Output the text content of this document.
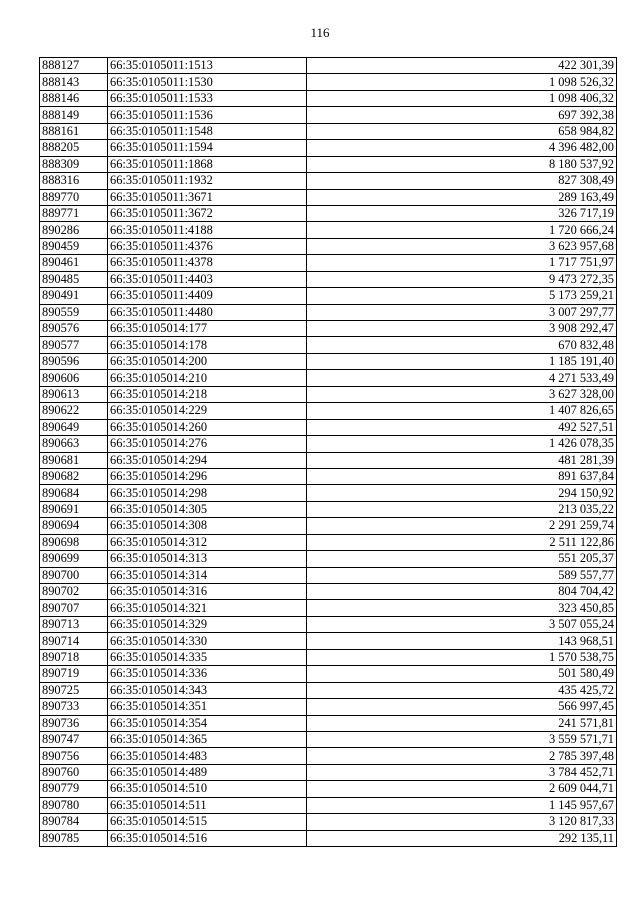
116
888127	66:35:0105011:1513	422 301,39
888143	66:35:0105011:1530	1 098 526,32
888146	66:35:0105011:1533	1 098 406,32
888149	66:35:0105011:1536	697 392,38
888161	66:35:0105011:1548	658 984,82
888205	66:35:0105011:1594	4 396 482,00
888309	66:35:0105011:1868	8 180 537,92
888316	66:35:0105011:1932	827 308,49
889770	66:35:0105011:3671	289 163,49
889771	66:35:0105011:3672	326 717,19
890286	66:35:0105011:4188	1 720 666,24
890459	66:35:0105011:4376	3 623 957,68
890461	66:35:0105011:4378	1 717 751,97
890485	66:35:0105011:4403	9 473 272,35
890491	66:35:0105011:4409	5 173 259,21
890559	66:35:0105011:4480	3 007 297,77
890576	66:35:0105014:177	3 908 292,47
890577	66:35:0105014:178	670 832,48
890596	66:35:0105014:200	1 185 191,40
890606	66:35:0105014:210	4 271 533,49
890613	66:35:0105014:218	3 627 328,00
890622	66:35:0105014:229	1 407 826,65
890649	66:35:0105014:260	492 527,51
890663	66:35:0105014:276	1 426 078,35
890681	66:35:0105014:294	481 281,39
890682	66:35:0105014:296	891 637,84
890684	66:35:0105014:298	294 150,92
890691	66:35:0105014:305	213 035,22
890694	66:35:0105014:308	2 291 259,74
890698	66:35:0105014:312	2 511 122,86
890699	66:35:0105014:313	551 205,37
890700	66:35:0105014:314	589 557,77
890702	66:35:0105014:316	804 704,42
890707	66:35:0105014:321	323 450,85
890713	66:35:0105014:329	3 507 055,24
890714	66:35:0105014:330	143 968,51
890718	66:35:0105014:335	1 570 538,75
890719	66:35:0105014:336	501 580,49
890725	66:35:0105014:343	435 425,72
890733	66:35:0105014:351	566 997,45
890736	66:35:0105014:354	241 571,81
890747	66:35:0105014:365	3 559 571,71
890756	66:35:0105014:483	2 785 397,48
890760	66:35:0105014:489	3 784 452,71
890779	66:35:0105014:510	2 609 044,71
890780	66:35:0105014:511	1 145 957,67
890784	66:35:0105014:515	3 120 817,33
890785	66:35:0105014:516	292 135,11
